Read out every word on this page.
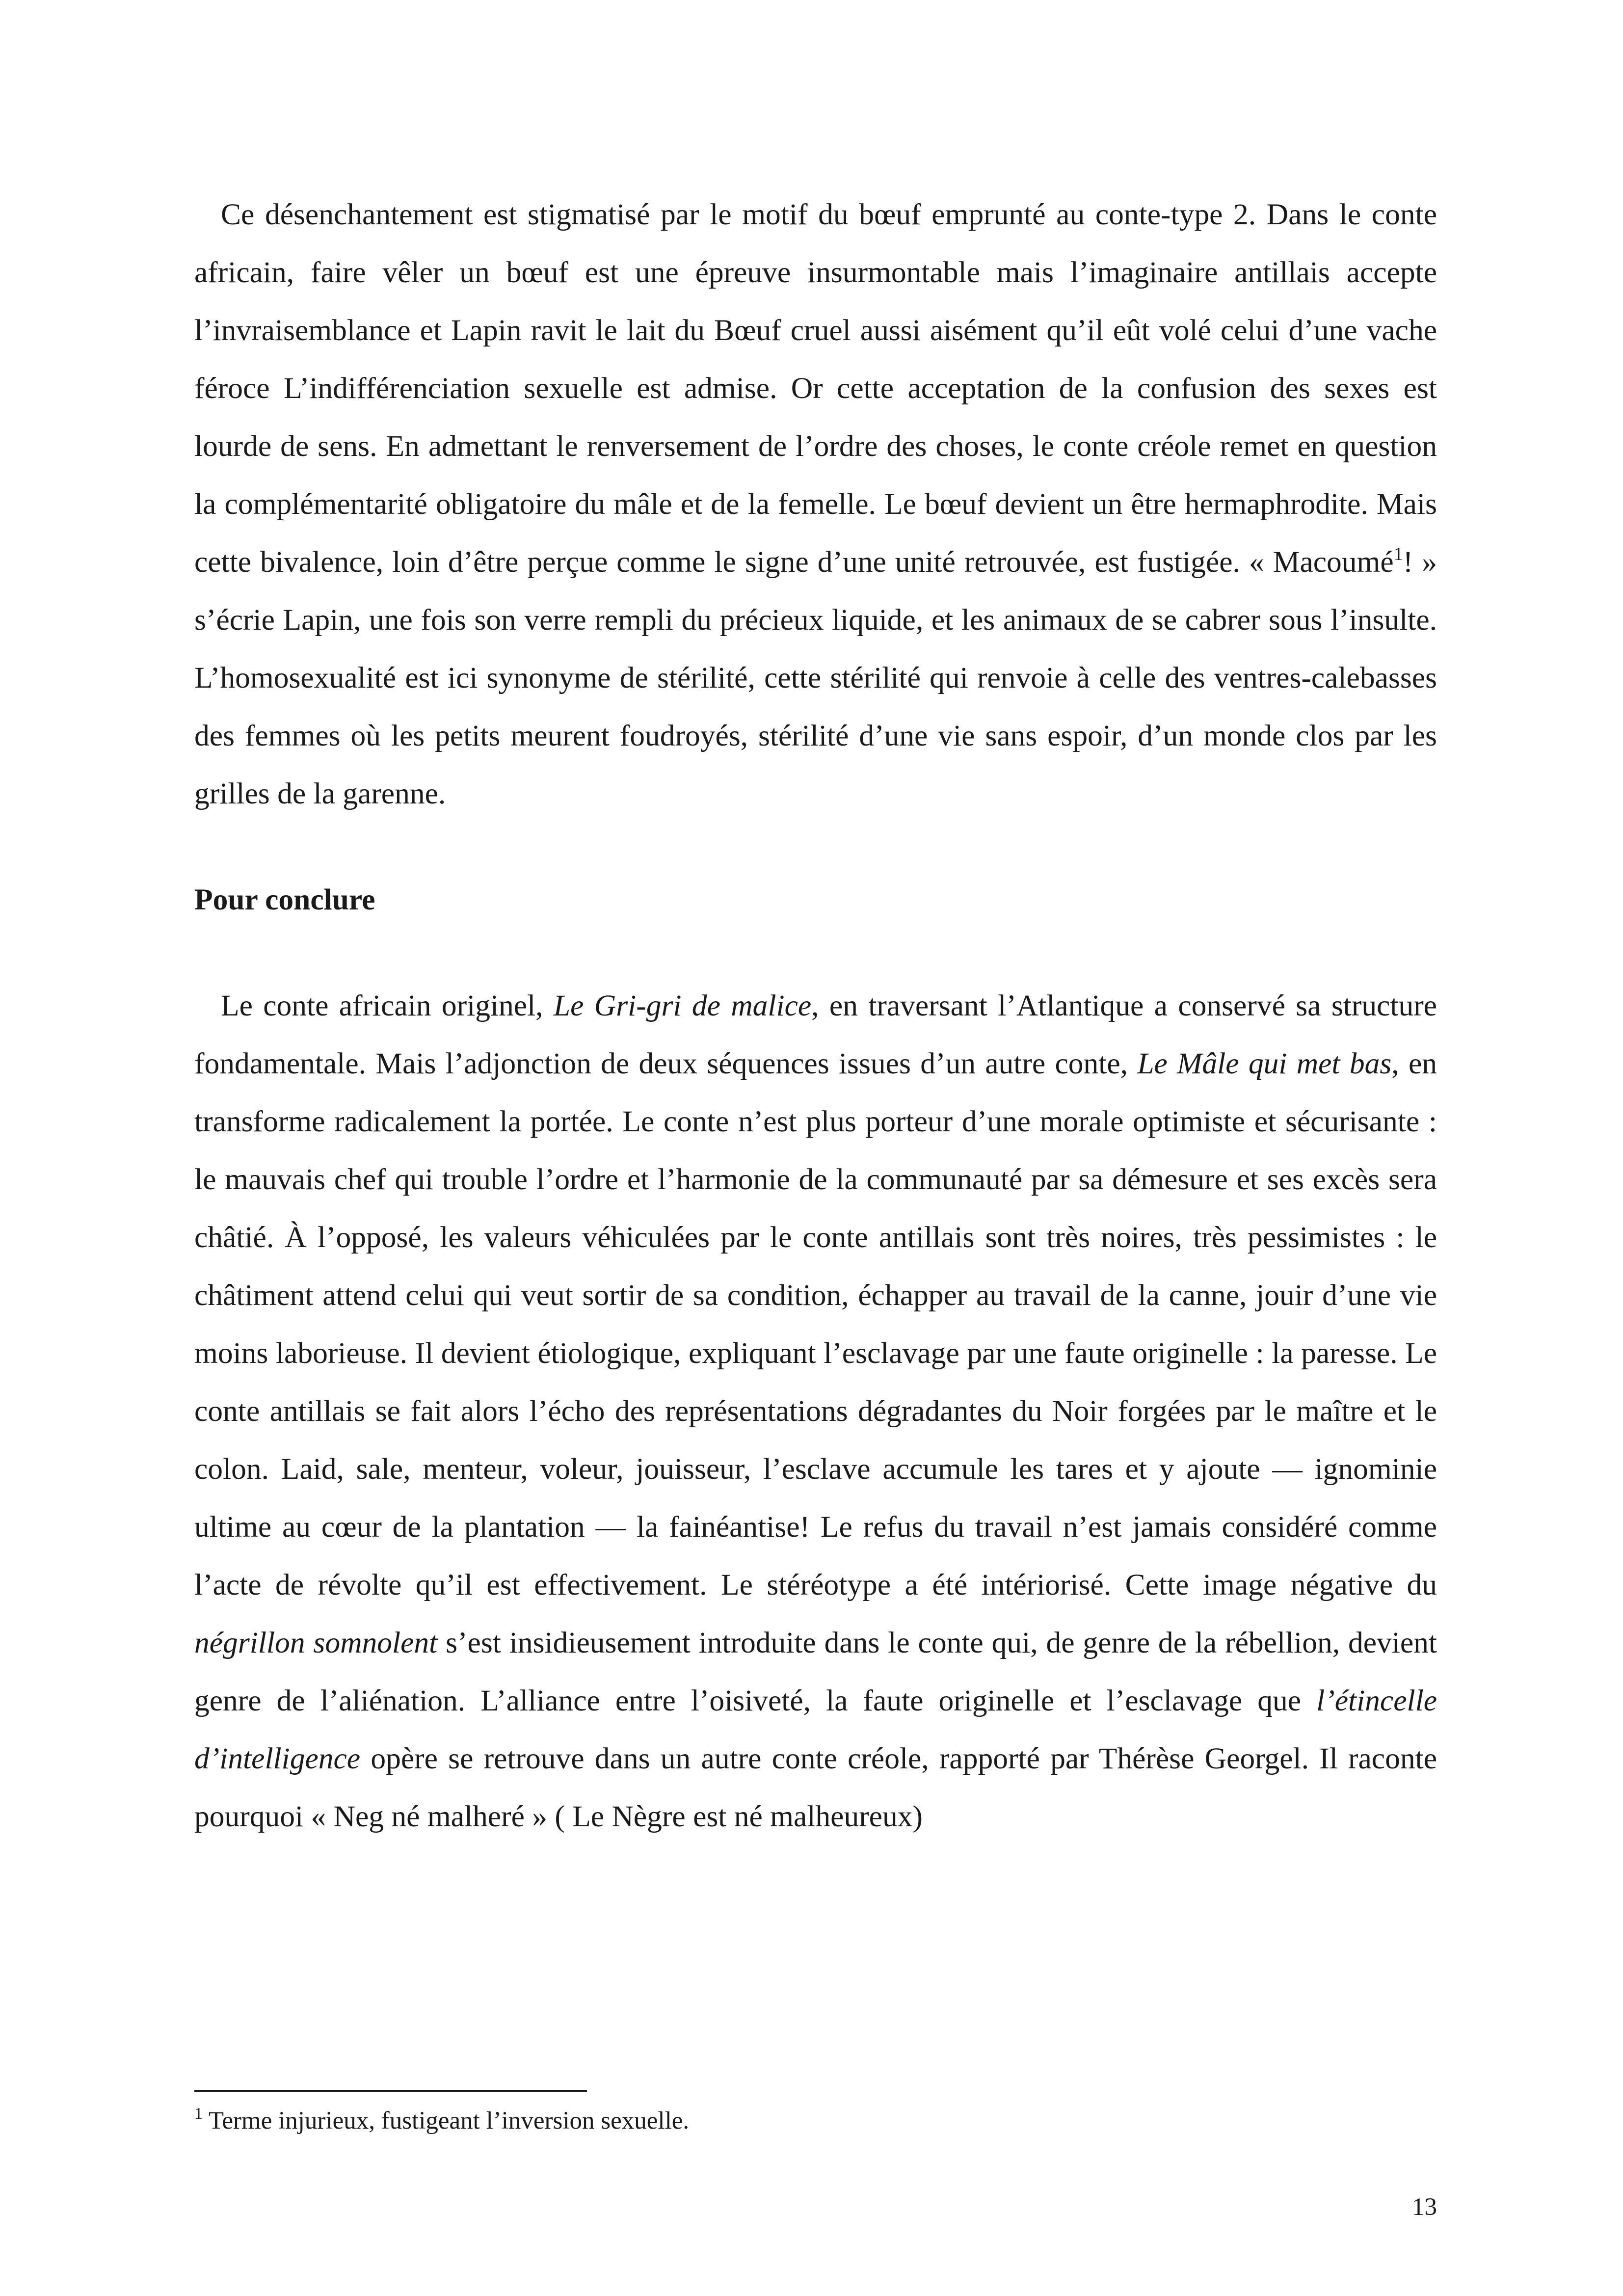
Ce désenchantement est stigmatisé par le motif du bœuf emprunté au conte-type 2. Dans le conte africain, faire vêler un bœuf est une épreuve insurmontable mais l’imaginaire antillais accepte l’invraisemblance et Lapin ravit le lait du Bœuf cruel aussi aisément qu’il eût volé celui d’une vache féroce L’indifférenciation sexuelle est admise. Or cette acceptation de la confusion des sexes est lourde de sens. En admettant le renversement de l’ordre des choses, le conte créole remet en question la complémentarité obligatoire du mâle et de la femelle. Le bœuf devient un être hermaphrodite. Mais cette bivalence, loin d’être perçue comme le signe d’une unité retrouvée, est fustigée. « Macoumé$^1$! » s’écrie Lapin, une fois son verre rempli du précieux liquide, et les animaux de se cabrer sous l’insulte. L’homosexualité est ici synonyme de stérilité, cette stérilité qui renvoie à celle des ventres-calebasses des femmes où les petits meurent foudroyés, stérilité d’une vie sans espoir, d’un monde clos par les grilles de la garenne.

Pour conclure

Le conte africain originel, Le Gri-gri de malice, en traversant l’Atlantique a conservé sa structure fondamentale. Mais l’adjonction de deux séquences issues d’un autre conte, Le Mâle qui met bas, en transforme radicalement la portée. Le conte n’est plus porteur d’une morale optimiste et sécurisante : le mauvais chef qui trouble l’ordre et l’harmonie de la communauté par sa démesure et ses excès sera châtié. À l’opposé, les valeurs véhiculées par le conte antillais sont très noires, très pessimistes : le châtiment attend celui qui veut sortir de sa condition, échapper au travail de la canne, jouir d’une vie moins laborieuse. Il devient étiologique, expliquant l’esclavage par une faute originelle : la paresse. Le conte antillais se fait alors l’écho des représentations dégradantes du Noir forgées par le maître et le colon. Laid, sale, menteur, voleur, jouisseur, l’esclave accumule les tares et y ajoute — ignominie ultime au cœur de la plantation — la fainéantise! Le refus du travail n’est jamais considéré comme l’acte de révolte qu’il est effectivement. Le stéréotype a été intériorisé. Cette image négative du négrillon somnolent s’est insidieusement introduite dans le conte qui, de genre de la rébellion, devient genre de l’aliénation. L’alliance entre l’oisiveté, la faute originelle et l’esclavage que l’étincelle d’intelligence opère se retrouve dans un autre conte créole, rapporté par Thérèse Georgel. Il raconte pourquoi « Neg né malheré » ( Le Nègre est né malheureux)

$^1$ Terme injurieux, fustigeant l’inversion sexuelle.

13
